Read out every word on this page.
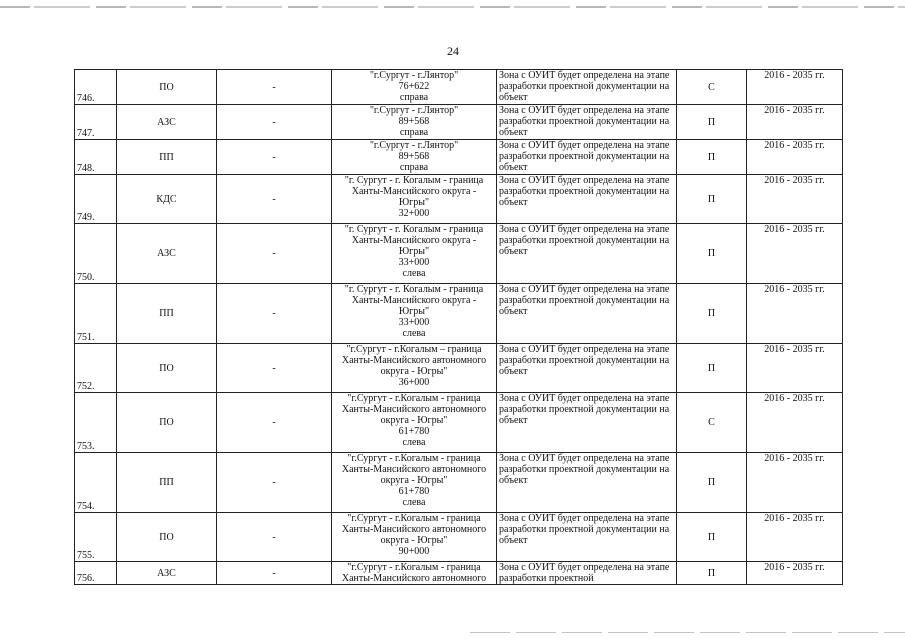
24
746.	ПО	-	"г.Сургут - г.Лянтор"
76+622
справа	Зона с ОУИТ будет определена на этапе разработки проектной документации на объект	С	2016 - 2035 гг.
747.	АЗС	-	"г.Сургут - г.Лянтор"
89+568
справа	Зона с ОУИТ будет определена на этапе разработки проектной документации на объект	П	2016 - 2035 гг.
748.	ПП	-	"г.Сургут - г.Лянтор"
89+568
справа	Зона с ОУИТ будет определена на этапе разработки проектной документации на объект	П	2016 - 2035 гг.
749.	КДС	-	"г. Сургут - г. Когалым - граница
Ханты-Мансийского округа -
Югры"
32+000	Зона с ОУИТ будет определена на этапе разработки проектной документации на объект	П	2016 - 2035 гг.
750.	АЗС	-	"г. Сургут - г. Когалым - граница
Ханты-Мансийского округа -
Югры"
33+000
слева	Зона с ОУИТ будет определена на этапе разработки проектной документации на объект	П	2016 - 2035 гг.
751.	ПП	-	"г. Сургут - г. Когалым - граница
Ханты-Мансийского округа -
Югры"
33+000
слева	Зона с ОУИТ будет определена на этапе разработки проектной документации на объект	П	2016 - 2035 гг.
752.	ПО	-	"г.Сургут - г.Когалым – граница
Ханты-Мансийского автономного
округа - Югры"
36+000	Зона с ОУИТ будет определена на этапе разработки проектной документации на объект	П	2016 - 2035 гг.
753.	ПО	-	"г.Сургут - г.Когалым - граница
Ханты-Мансийского автономного
округа - Югры"
61+780
слева	Зона с ОУИТ будет определена на этапе разработки проектной документации на объект	С	2016 - 2035 гг.
754.	ПП	-	"г.Сургут - г.Когалым - граница
Ханты-Мансийского автономного
округа - Югры"
61+780
слева	Зона с ОУИТ будет определена на этапе разработки проектной документации на объект	П	2016 - 2035 гг.
755.	ПО	-	"г.Сургут - г.Когалым - граница
Ханты-Мансийского автономного
округа - Югры"
90+000	Зона с ОУИТ будет определена на этапе разработки проектной документации на объект	П	2016 - 2035 гг.
756.	АЗС	-	"г.Сургут - г.Когалым - граница
Ханты-Мансийского автономного	Зона с ОУИТ будет определена на этапе разработки проектной	П	2016 - 2035 гг.
